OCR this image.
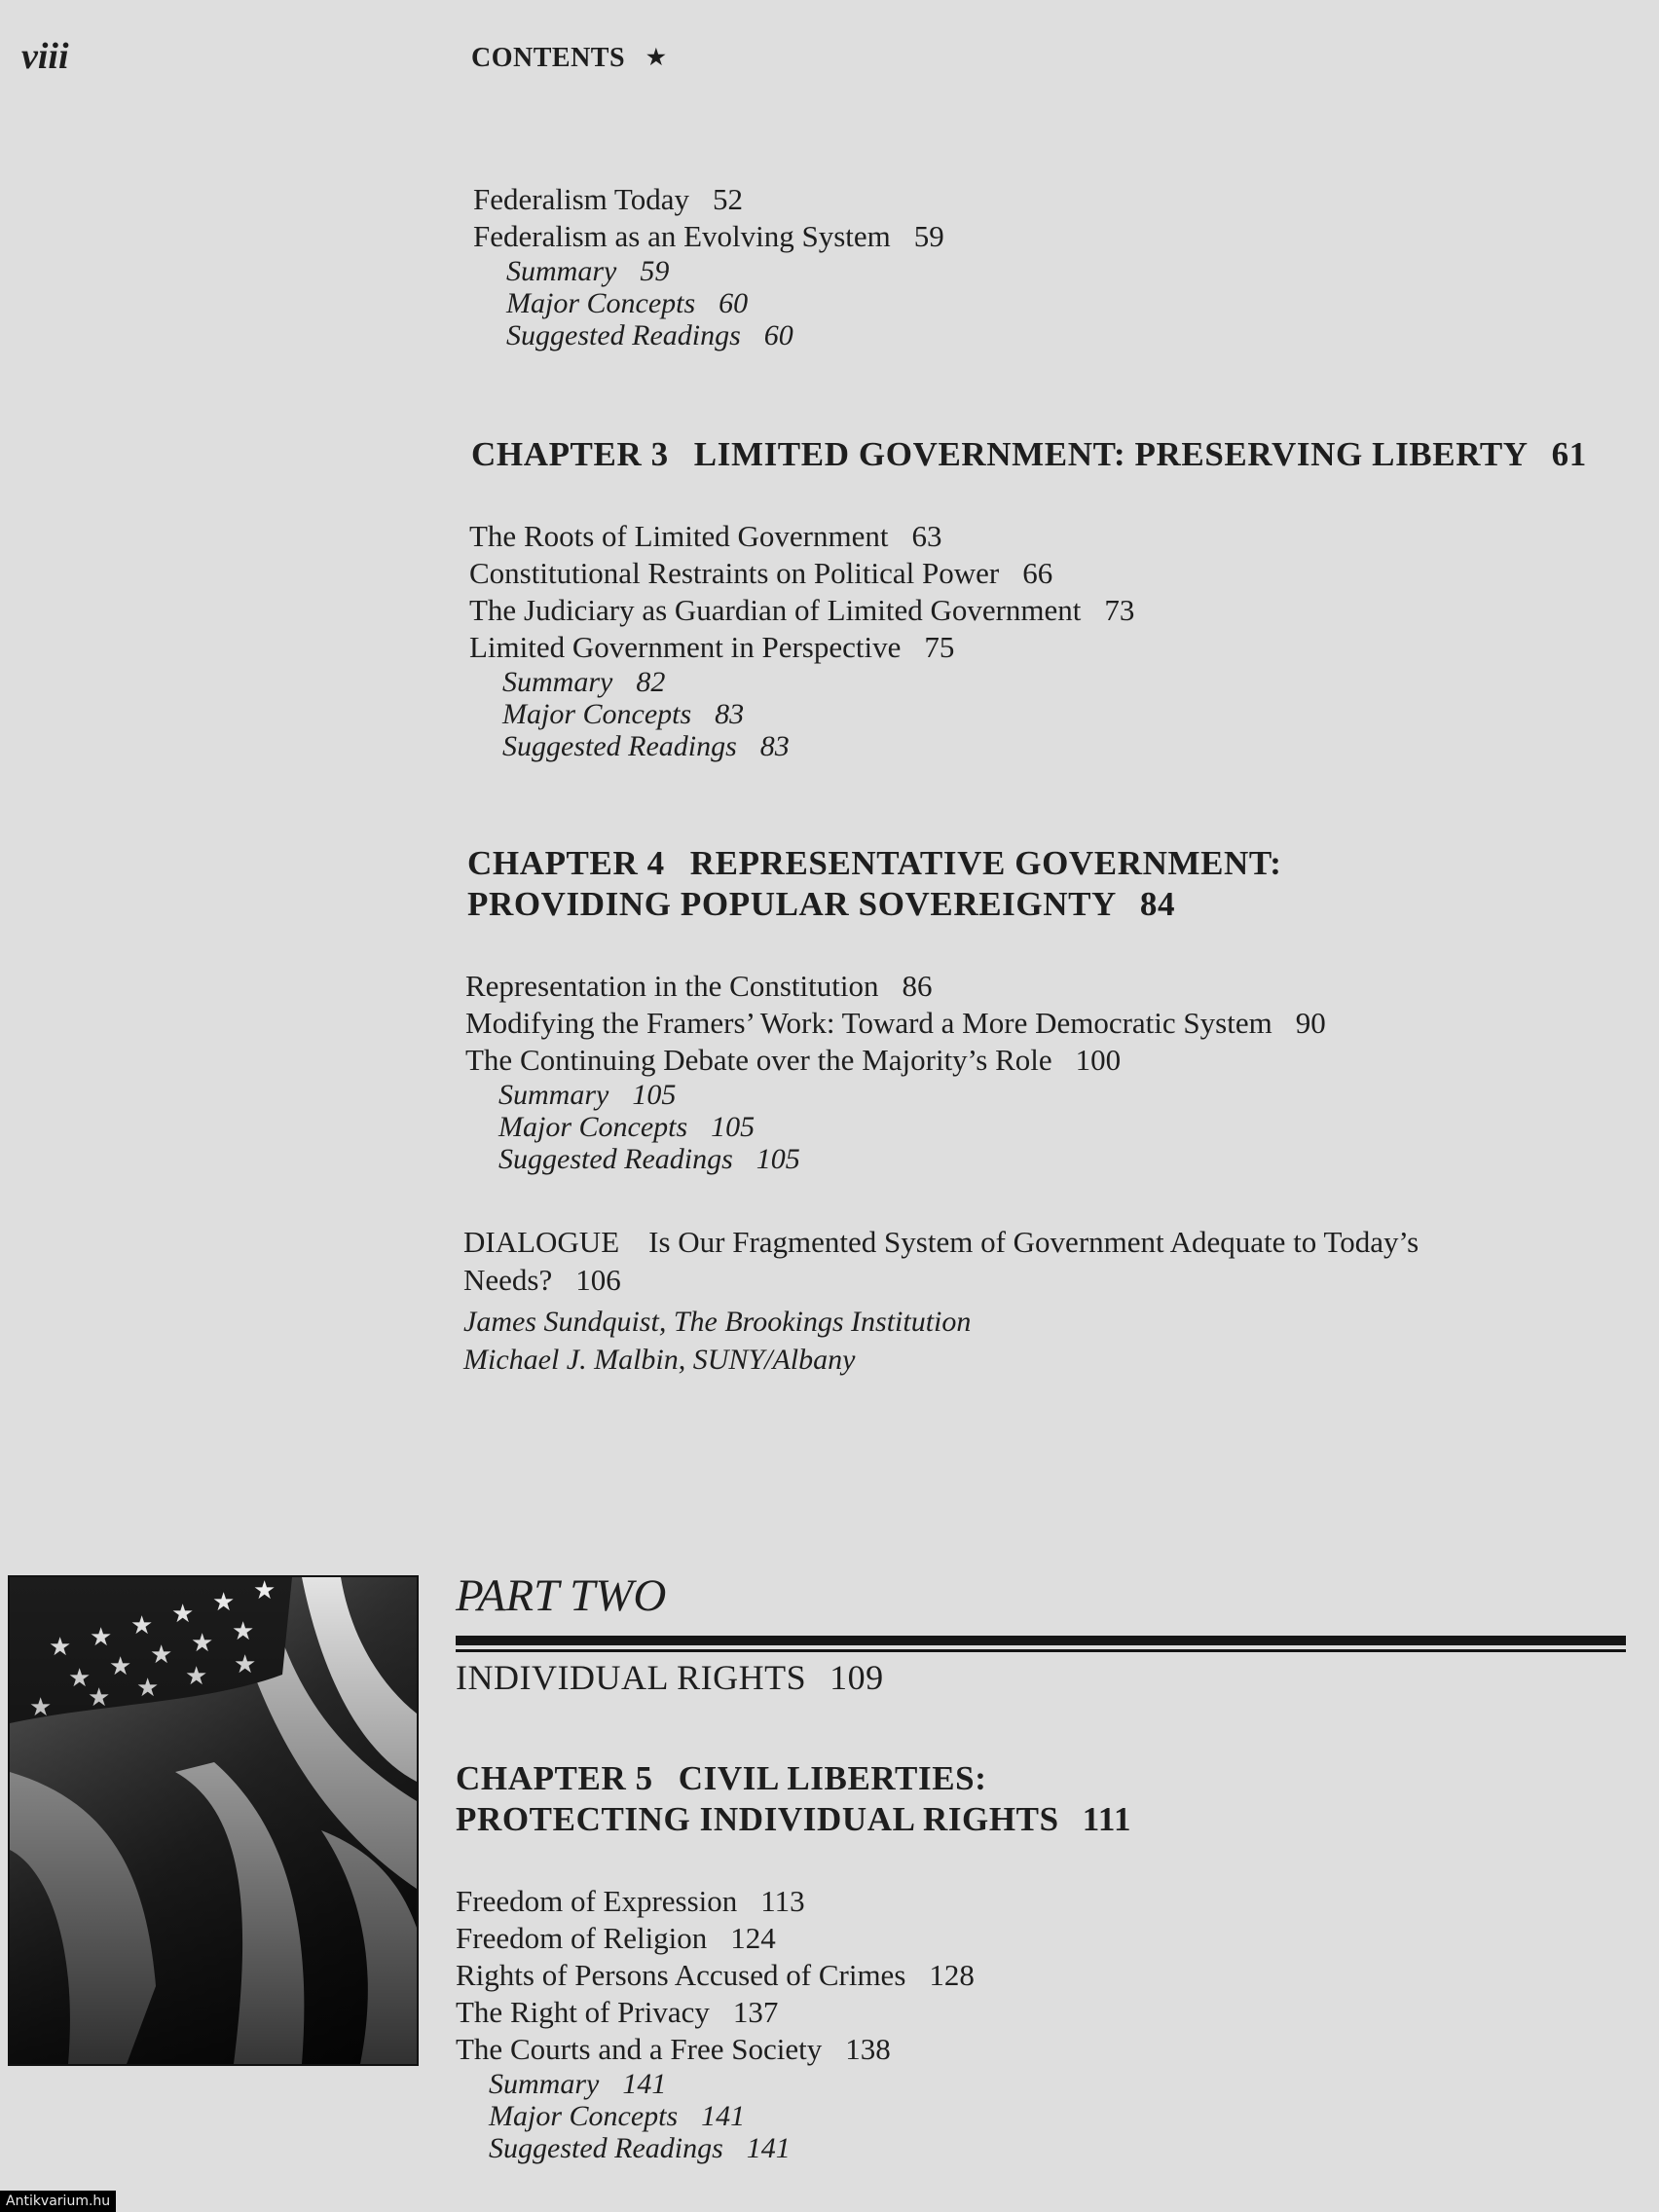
viii	CONTENTS ★
Federalism Today 52
Federalism as an Evolving System 59
Summary 59
Major Concepts 60
Suggested Readings 60
CHAPTER 3 LIMITED GOVERNMENT: PRESERVING LIBERTY 61
The Roots of Limited Government 63
Constitutional Restraints on Political Power 66
The Judiciary as Guardian of Limited Government 73
Limited Government in Perspective 75
Summary 82
Major Concepts 83
Suggested Readings 83
CHAPTER 4 REPRESENTATIVE GOVERNMENT:
PROVIDING POPULAR SOVEREIGNTY 84
Representation in the Constitution 86
Modifying the Framers’ Work: Toward a More Democratic System 90
The Continuing Debate over the Majority’s Role 100
Summary 105
Major Concepts 105
Suggested Readings 105
DIALOGUE Is Our Fragmented System of Government Adequate to Today’s
Needs? 106
James Sundquist, The Brookings Institution
Michael J. Malbin, SUNY/Albany
PART TWO
INDIVIDUAL RIGHTS 109
CHAPTER 5 CIVIL LIBERTIES:
PROTECTING INDIVIDUAL RIGHTS 111
Freedom of Expression 113
Freedom of Religion 124
Rights of Persons Accused of Crimes 128
The Right of Privacy 137
The Courts and a Free Society 138
Summary 141
Major Concepts 141
Suggested Readings 141
Antikvarium.hu
